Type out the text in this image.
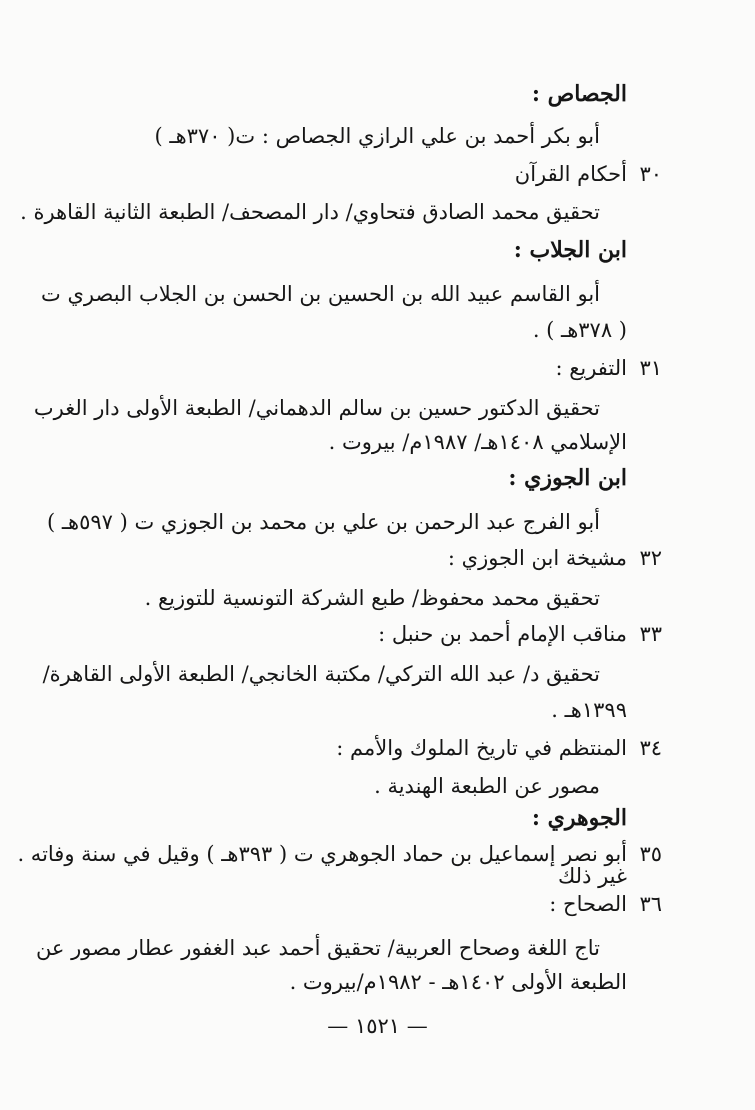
الجصاص :
أبو بكر أحمد بن علي الرازي الجصاص : ت( ٣٧٠هـ )
٣٠
أحكام القرآن
تحقيق محمد الصادق فتحاوي/ دار المصحف/ الطبعة الثانية القاهرة .
ابن الجلاب :
أبو القاسم عبيد الله بن الحسين بن الحسن بن الجلاب البصري ت
( ٣٧٨هـ ) .
٣١
التفريع :
تحقيق الدكتور حسين بن سالم الدهماني/ الطبعة الأولى دار الغرب
الإسلامي ١٤٠٨هـ/ ١٩٨٧م/ بيروت .
ابن الجوزي :
أبو الفرج عبد الرحمن بن علي بن محمد بن الجوزي ت ( ٥٩٧هـ )
٣٢
مشيخة ابن الجوزي :
تحقيق محمد محفوظ/ طبع الشركة التونسية للتوزيع .
٣٣
مناقب الإمام أحمد بن حنبل :
تحقيق د/ عبد الله التركي/ مكتبة الخانجي/ الطبعة الأولى القاهرة/
١٣٩٩هـ .
٣٤
المنتظم في تاريخ الملوك والأمم :
مصور عن الطبعة الهندية .
الجوهري :
٣٥
أبو نصر إسماعيل بن حماد الجوهري ت ( ٣٩٣هـ ) وقيل في سنة وفاته .
غير ذلك
٣٦
الصحاح :
تاج اللغة وصحاح العربية/ تحقيق أحمد عبد الغفور عطار مصور عن
الطبعة الأولى ١٤٠٢هـ - ١٩٨٢م/بيروت .
— ١٥٢١ —
